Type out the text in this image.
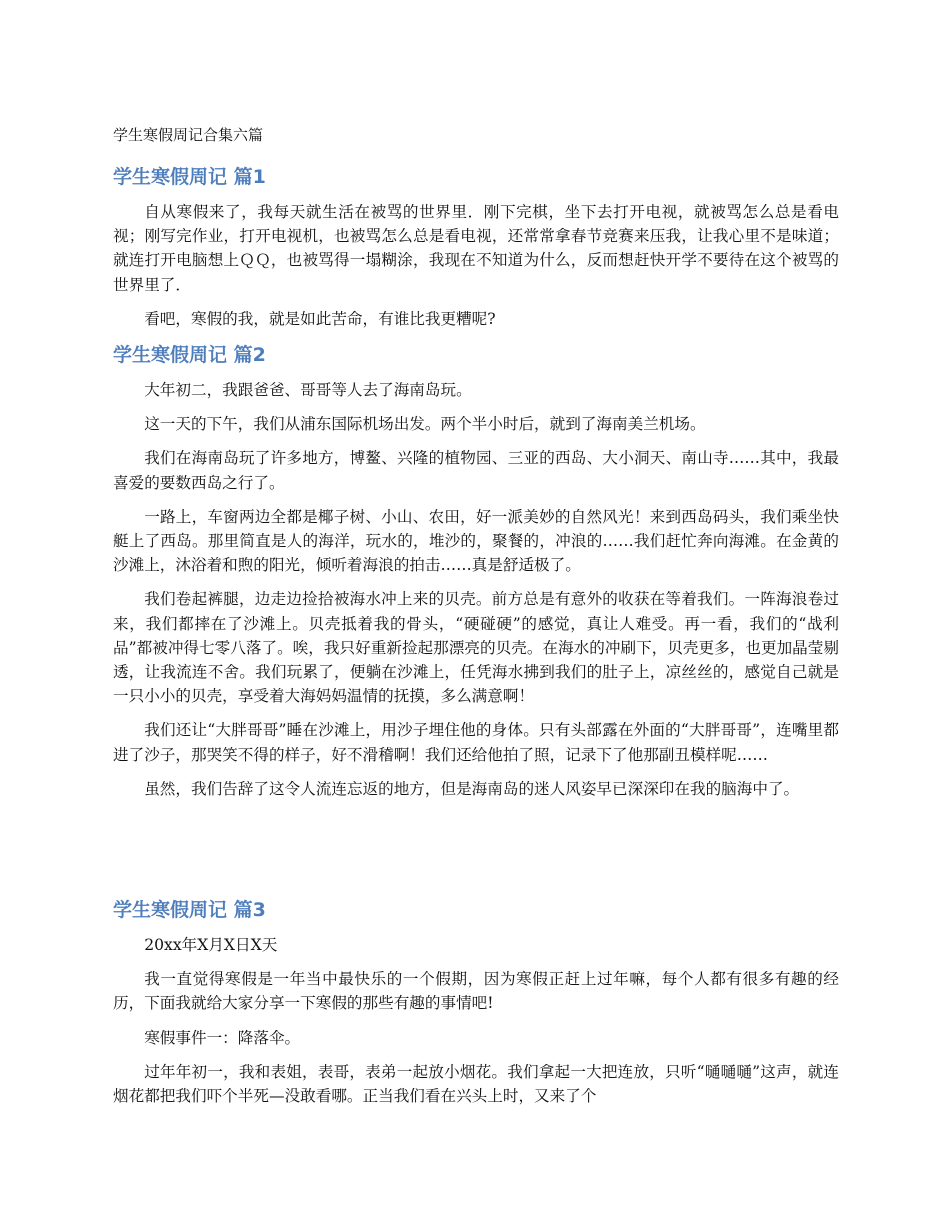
学生寒假周记合集六篇
学生寒假周记 篇1

自从寒假来了，我每天就生活在被骂的世界里．刚下完棋，坐下去打开电视，就被骂怎么总是看电视；刚写完作业，打开电视机，也被骂怎么总是看电视，还常常拿春节竞赛来压我，让我心里不是味道；就连打开电脑想上ＱＱ，也被骂得一塌糊涂，我现在不知道为什么，反而想赶快开学不要待在这个被骂的世界里了．

看吧，寒假的我，就是如此苦命，有谁比我更糟呢?

学生寒假周记 篇2

大年初二，我跟爸爸、哥哥等人去了海南岛玩。

这一天的下午，我们从浦东国际机场出发。两个半小时后，就到了海南美兰机场。

我们在海南岛玩了许多地方，博鳌、兴隆的植物园、三亚的西岛、大小洞天、南山寺……其中，我最喜爱的要数西岛之行了。

一路上，车窗两边全都是椰子树、小山、农田，好一派美妙的自然风光！来到西岛码头，我们乘坐快艇上了西岛。那里简直是人的海洋，玩水的，堆沙的，聚餐的，冲浪的……我们赶忙奔向海滩。在金黄的沙滩上，沐浴着和煦的阳光，倾听着海浪的拍击……真是舒适极了。

我们卷起裤腿，边走边捡拾被海水冲上来的贝壳。前方总是有意外的收获在等着我们。一阵海浪卷过来，我们都摔在了沙滩上。贝壳抵着我的骨头，“硬碰硬”的感觉，真让人难受。再一看，我们的“战利品”都被冲得七零八落了。唉，我只好重新捡起那漂亮的贝壳。在海水的冲刷下，贝壳更多，也更加晶莹剔透，让我流连不舍。我们玩累了，便躺在沙滩上，任凭海水拂到我们的肚子上，凉丝丝的，感觉自己就是一只小小的贝壳，享受着大海妈妈温情的抚摸，多么满意啊！

我们还让“大胖哥哥”睡在沙滩上，用沙子埋住他的身体。只有头部露在外面的“大胖哥哥”，连嘴里都进了沙子，那哭笑不得的样子，好不滑稽啊！我们还给他拍了照，记录下了他那副丑模样呢……

虽然，我们告辞了这令人流连忘返的地方，但是海南岛的迷人风姿早已深深印在我的脑海中了。

学生寒假周记 篇3

20xx年X月X日X天

我一直觉得寒假是一年当中最快乐的一个假期，因为寒假正赶上过年嘛，每个人都有很多有趣的经历，下面我就给大家分享一下寒假的那些有趣的事情吧!

寒假事件一：降落伞。

过年年初一，我和表姐，表哥，表弟一起放小烟花。我们拿起一大把连放，只听“嗵嗵嗵”这声，就连烟花都把我们吓个半死—没敢看哪。正当我们看在兴头上时，又来了个
